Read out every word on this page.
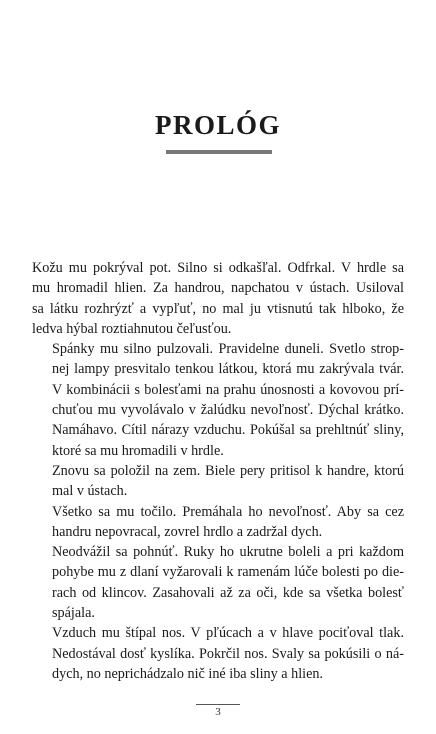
PROLÓG

Kožu mu pokrýval pot. Silno si odkašľal. Odfrkal. V hrdle sa
mu hromadil hlien. Za handrou, napchatou v ústach. Usiloval
sa látku rozhrýzť a vypľuť, no mal ju vtisnutú tak hlboko, že
ledva hýbal roztiahnutou čeľusťou.

Spánky mu silno pulzovali. Pravidelne duneli. Svetlo strop-
nej lampy presvitalo tenkou látkou, ktorá mu zakrývala tvár.
V kombinácii s bolesťami na prahu únosnosti a kovovou prí-
chuťou mu vyvolávalo v žalúdku nevoľnosť. Dýchal krátko.
Namáhavo. Cítil nárazy vzduchu. Pokúšal sa prehltnúť sliny,
ktoré sa mu hromadili v hrdle.

Znovu sa položil na zem. Biele pery pritisol k handre, ktorú
mal v ústach.

Všetko sa mu točilo. Premáhala ho nevoľnosť. Aby sa cez
handru nepovracal, zovrel hrdlo a zadržal dych.

Neodvážil sa pohnúť. Ruky ho ukrutne boleli a pri každom
pohybe mu z dlaní vyžarovali k ramenám lúče bolesti po die-
rach od klincov. Zasahovali až za oči, kde sa všetka bolesť
spájala.

Vzduch mu štípal nos. V pľúcach a v hlave pociťoval tlak.
Nedostával dosť kyslíka. Pokrčil nos. Svaly sa pokúsili o ná-
dych, no neprichádzalo nič iné iba sliny a hlien.

3
